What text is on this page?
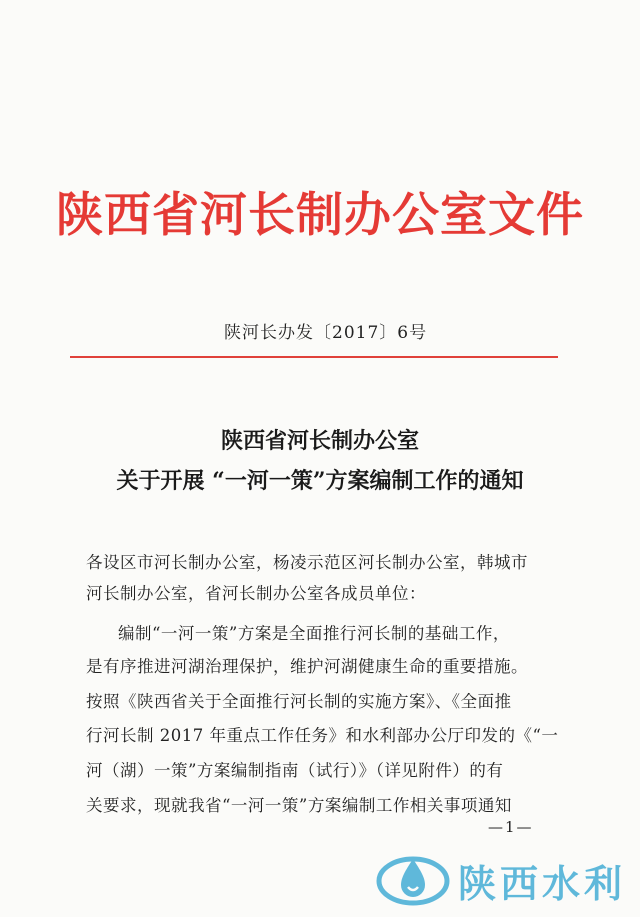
陕西省河长制办公室文件
陕河长办发〔2017〕6号
陕西省河长制办公室
关于开展 “一河一策”方案编制工作的通知
各设区市河长制办公室，杨凌示范区河长制办公室，韩城市
河长制办公室，省河长制办公室各成员单位：
编制“一河一策”方案是全面推行河长制的基础工作，
是有序推进河湖治理保护，维护河湖健康生命的重要措施。
按照《陕西省关于全面推行河长制的实施方案》、《全面推
行河长制 2017 年重点工作任务》和水利部办公厅印发的《“一
河（湖）一策”方案编制指南（试行）》（详见附件）的有
关要求，现就我省“一河一策”方案编制工作相关事项通知
—1—
陕西水利
